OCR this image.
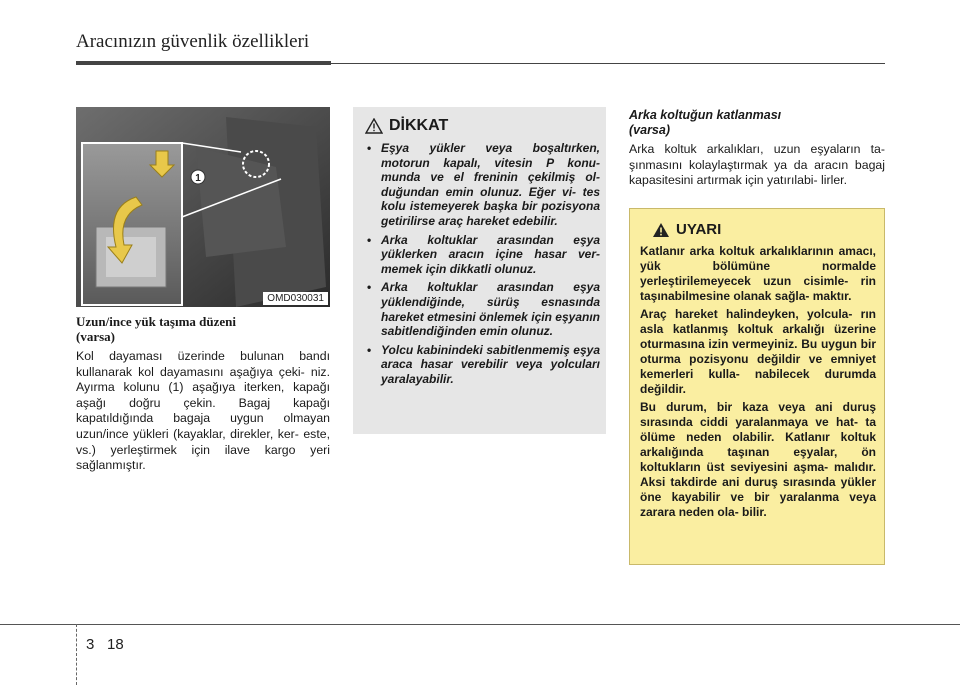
Aracınızın güvenlik özellikleri
1
OMD030031
Uzun/ince yük taşıma düzeni
(varsa)

Kol dayaması üzerinde bulunan bandı kullanarak kol dayamasını aşağıya çeki- niz. Ayırma kolunu (1) aşağıya iterken, kapağı aşağı doğru çekin. Bagaj kapağı kapatıldığında bagaja uygun olmayan uzun/ince yükleri (kayaklar, direkler, ker- este, vs.) yerleştirmek için ilave kargo yeri sağlanmıştır.

DİKKAT
• Eşya yükler veya boşaltırken, motorun kapalı, vitesin P konu- munda ve el freninin çekilmiş ol- duğundan emin olunuz. Eğer vi- tes kolu istemeyerek başka bir pozisyona getirilirse araç hareket edebilir.
• Arka koltuklar arasından eşya yüklerken aracın içine hasar ver- memek için dikkatli olunuz.
• Arka koltuklar arasından eşya yüklendiğinde, sürüş esnasında hareket etmesini önlemek için eşyanın sabitlendiğinden emin olunuz.
• Yolcu kabinindeki sabitlenmemiş eşya araca hasar verebilir veya yolcuları yaralayabilir.
Arka koltuğun katlanması
(varsa)

Arka koltuk arkalıkları, uzun eşyaların ta- şınmasını kolaylaştırmak ya da aracın bagaj kapasitesini artırmak için yatırılabi- lirler.

UYARI

Katlanır arka koltuk arkalıklarının amacı, yük bölümüne normalde yerleştirilemeyecek uzun cisimle- rin taşınabilmesine olanak sağla- maktır.

Araç hareket halindeyken, yolcula- rın asla katlanmış koltuk arkalığı üzerine oturmasına izin vermeyiniz. Bu uygun bir oturma pozisyonu değildir ve emniyet kemerleri kulla- nabilecek durumda değildir.

Bu durum, bir kaza veya ani duruş sırasında ciddi yaralanmaya ve hat- ta ölüme neden olabilir. Katlanır koltuk arkalığında taşınan eşyalar, ön koltukların üst seviyesini aşma- malıdır. Aksi takdirde ani duruş sırasında yükler öne kayabilir ve bir yaralanma veya zarara neden ola- bilir.

3 18
